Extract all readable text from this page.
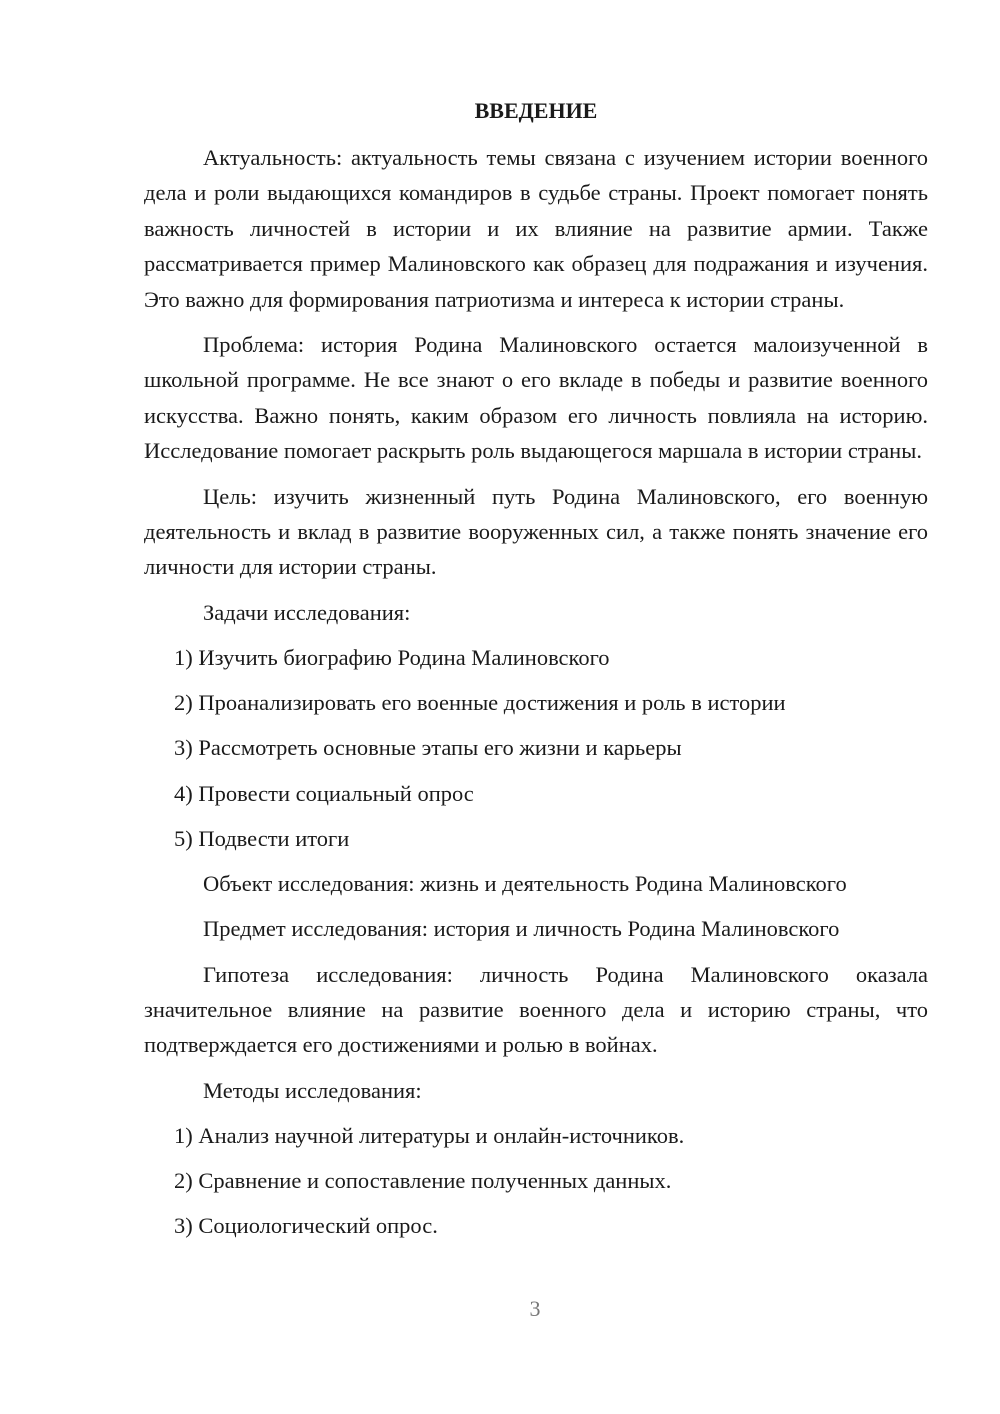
ВВЕДЕНИЕ

Актуальность: актуальность темы связана с изучением истории военного дела и роли выдающихся командиров в судьбе страны. Проект помогает понять важность личностей в истории и их влияние на развитие армии. Также рассматривается пример Малиновского как образец для подражания и изучения. Это важно для формирования патриотизма и интереса к истории страны.

Проблема: история Родина Малиновского остается малоизученной в школьной программе. Не все знают о его вкладе в победы и развитие военного искусства. Важно понять, каким образом его личность повлияла на историю. Исследование помогает раскрыть роль выдающегося маршала в истории страны.

Цель: изучить жизненный путь Родина Малиновского, его военную деятельность и вклад в развитие вооруженных сил, а также понять значение его личности для истории страны.

Задачи исследования:
1) Изучить биографию Родина Малиновского
2) Проанализировать его военные достижения и роль в истории
3) Рассмотреть основные этапы его жизни и карьеры
4) Провести социальный опрос
5) Подвести итоги
Объект исследования: жизнь и деятельность Родина Малиновского
Предмет исследования: история и личность Родина Малиновского

Гипотеза исследования: личность Родина Малиновского оказала значительное влияние на развитие военного дела и историю страны, что подтверждается его достижениями и ролью в войнах.

Методы исследования:
1) Анализ научной литературы и онлайн-источников.
2) Сравнение и сопоставление полученных данных.
3) Социологический опрос.
3
